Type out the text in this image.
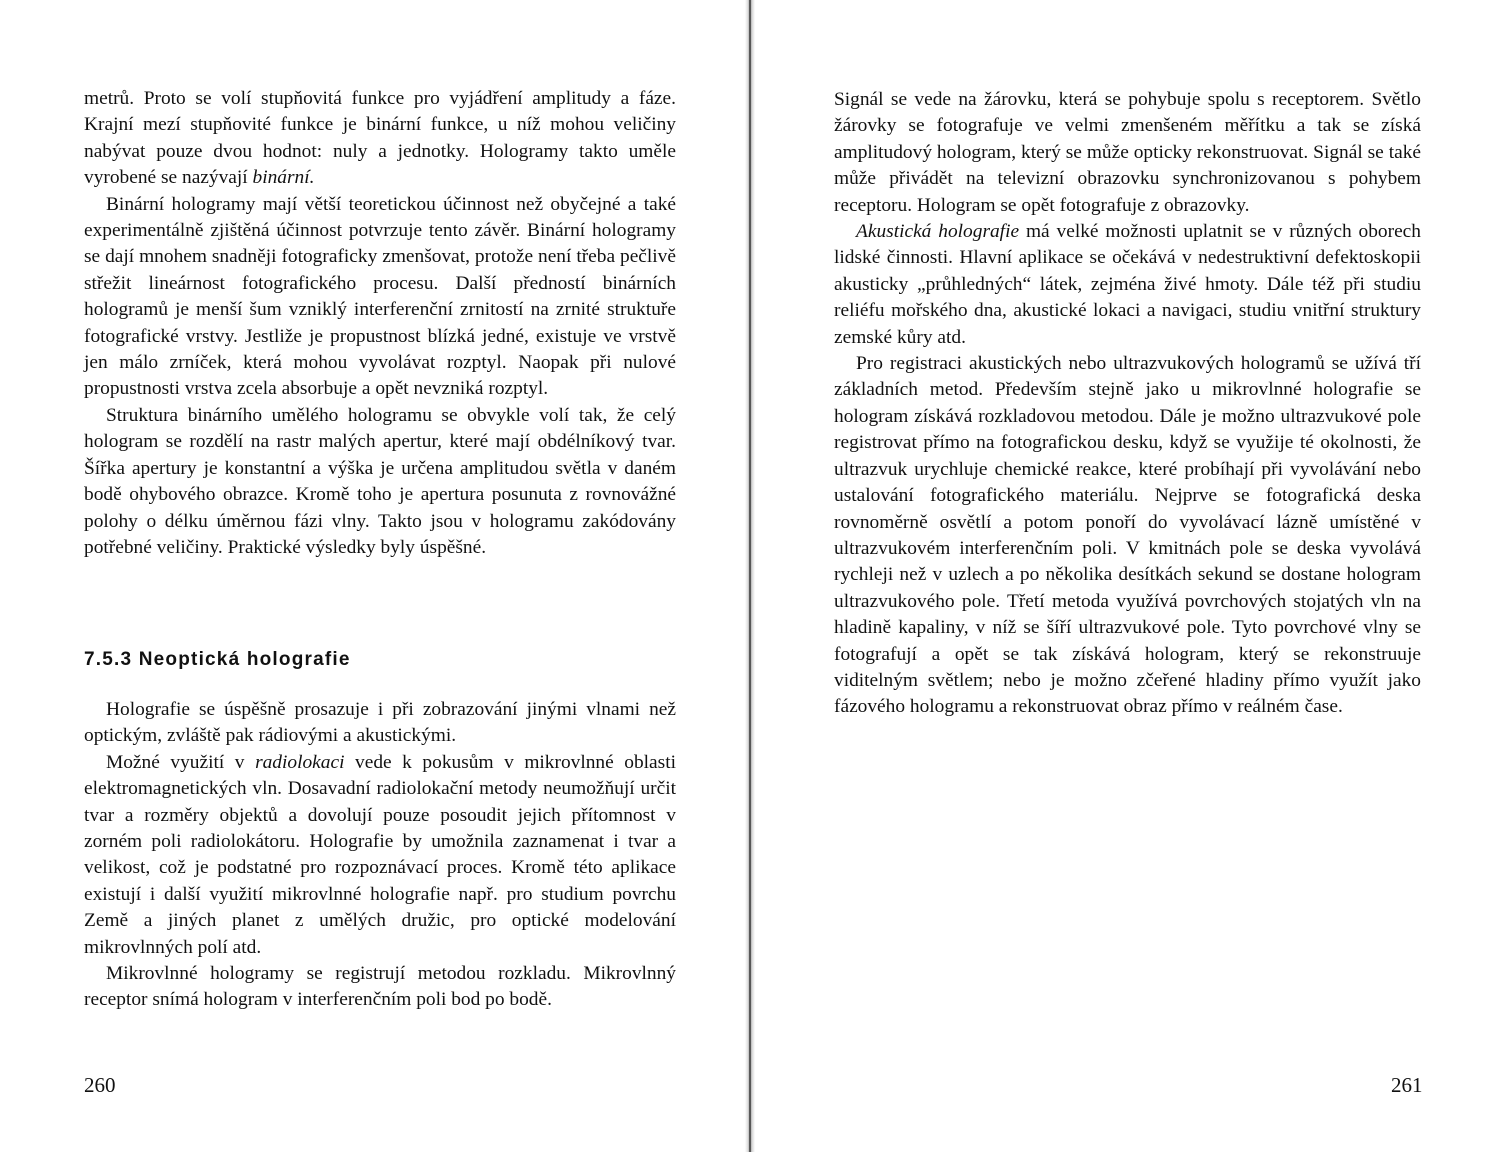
metrů. Proto se volí stupňovitá funkce pro vyjádření amplitudy a fáze. Krajní mezí stupňovité funkce je binární funkce, u níž mohou veličiny nabývat pouze dvou hodnot: nuly a jednotky. Hologramy takto uměle vyrobené se nazývají binární.

Binární hologramy mají větší teoretickou účinnost než obyčejné a také experimentálně zjištěná účinnost potvrzuje tento závěr. Binární hologramy se dají mnohem snadněji fotograficky zmenšovat, protože není třeba pečlivě střežit lineárnost fotografického procesu. Další předností binárních hologramů je menší šum vzniklý interferenční zrnitostí na zrnité struktuře fotografické vrstvy. Jestliže je propustnost blízká jedné, existuje ve vrstvě jen málo zrníček, která mohou vyvolávat rozptyl. Naopak při nulové propustnosti vrstva zcela absorbuje a opět nevzniká rozptyl.

Struktura binárního umělého hologramu se obvykle volí tak, že celý hologram se rozdělí na rastr malých apertur, které mají obdélníkový tvar. Šířka apertury je konstantní a výška je určena amplitudou světla v daném bodě ohybového obrazce. Kromě toho je apertura posunuta z rovnovážné polohy o délku úměrnou fázi vlny. Takto jsou v hologramu zakódovány potřebné veličiny. Praktické výsledky byly úspěšné.

7.5.3 Neoptická holografie

Holografie se úspěšně prosazuje i při zobrazování jinými vlnami než optickým, zvláště pak rádiovými a akustickými.

Možné využití v radiolokaci vede k pokusům v mikrovlnné oblasti elektromagnetických vln. Dosavadní radiolokační metody neumožňují určit tvar a rozměry objektů a dovolují pouze posoudit jejich přítomnost v zorném poli radiolokátoru. Holografie by umožnila zaznamenat i tvar a velikost, což je podstatné pro rozpoznávací proces. Kromě této aplikace existují i další využití mikrovlnné holografie např. pro studium povrchu Země a jiných planet z umělých družic, pro optické modelování mikrovlnných polí atd.

Mikrovlnné hologramy se registrují metodou rozkladu. Mikrovlnný receptor snímá hologram v interferenčním poli bod po bodě.

260

Signál se vede na žárovku, která se pohybuje spolu s receptorem. Světlo žárovky se fotografuje ve velmi zmenšeném měřítku a tak se získá amplitudový hologram, který se může opticky rekonstruovat. Signál se také může přivádět na televizní obrazovku synchronizovanou s pohybem receptoru. Hologram se opět fotografuje z obrazovky.

Akustická holografie má velké možnosti uplatnit se v různých oborech lidské činnosti. Hlavní aplikace se očekává v nedestruktivní defektoskopii akusticky „průhledných“ látek, zejména živé hmoty. Dále též při studiu reliéfu mořského dna, akustické lokaci a navigaci, studiu vnitřní struktury zemské kůry atd.

Pro registraci akustických nebo ultrazvukových hologramů se užívá tří základních metod. Především stejně jako u mikrovlnné holografie se hologram získává rozkladovou metodou. Dále je možno ultrazvukové pole registrovat přímo na fotografickou desku, když se využije té okolnosti, že ultrazvuk urychluje chemické reakce, které probíhají při vyvolávání nebo ustalování fotografického materiálu. Nejprve se fotografická deska rovnoměrně osvětlí a potom ponoří do vyvolávací lázně umístěné v ultrazvukovém interferenčním poli. V kmitnách pole se deska vyvolává rychleji než v uzlech a po několika desítkách sekund se dostane hologram ultrazvukového pole. Třetí metoda využívá povrchových stojatých vln na hladině kapaliny, v níž se šíří ultrazvukové pole. Tyto povrchové vlny se fotografují a opět se tak získává hologram, který se rekonstruuje viditelným světlem; nebo je možno zčeřené hladiny přímo využít jako fázového hologramu a rekonstruovat obraz přímo v reálném čase.

261
